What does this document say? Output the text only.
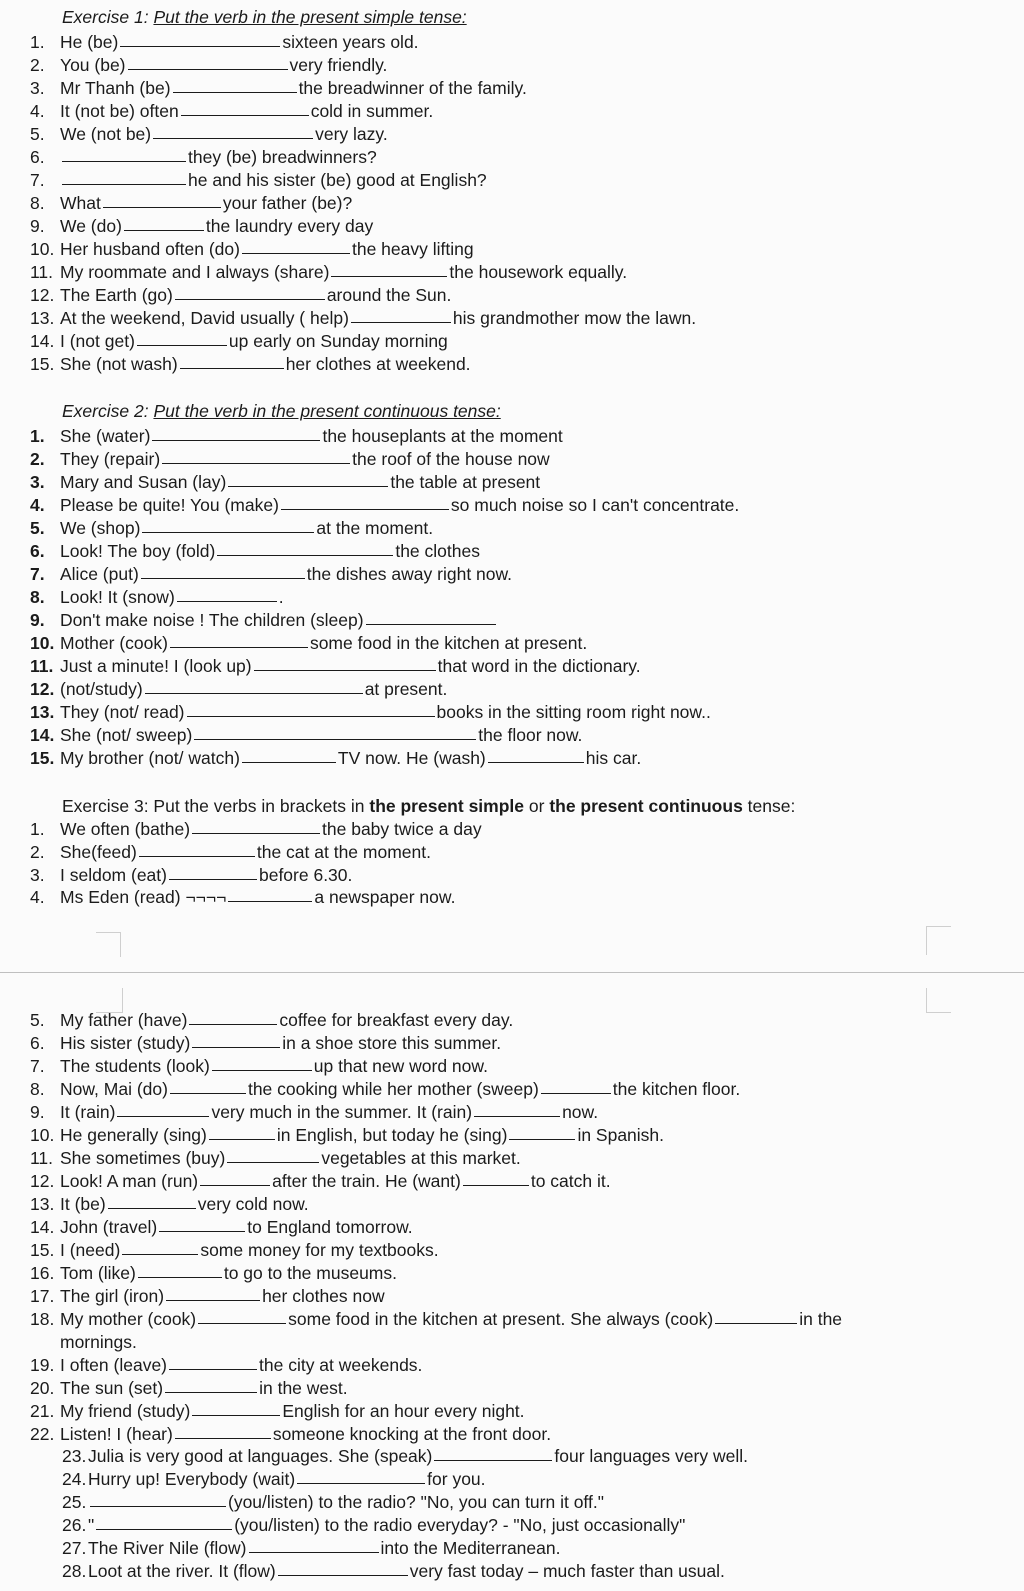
Exercise 1: Put the verb in the present simple tense:
1. He (be)	sixteen years old.
2. You (be)	very friendly.
3. Mr Thanh (be)	the breadwinner of the family.
4. It (not be) often	cold in summer.
5. We (not be)	very lazy.
6.	they (be) breadwinners?
7.	he and his sister (be) good at English?
8. What	your father (be)?
9. We (do)	the laundry every day
10. Her husband often (do)	the heavy lifting
11. My roommate and I always (share)	the housework equally.
12. The Earth (go)	around the Sun.
13. At the weekend, David usually ( help)	his grandmother mow the lawn.
14. I (not get)	up early on Sunday morning
15. She (not wash)	her clothes at weekend.
Exercise 2: Put the verb in the present continuous tense:
1. She (water)	the houseplants at the moment
2. They (repair)	the roof of the house now
3. Mary and Susan (lay)	the table at present
4. Please be quite! You (make)	so much noise so I can't concentrate.
5. We (shop)	at the moment.
6. Look! The boy (fold)	the clothes
7. Alice (put)	the dishes away right now.
8. Look! It (snow)	.
9. Don't make noise ! The children (sleep)
10. Mother (cook)	some food in the kitchen at present.
11. Just a minute! I (look up)	that word in the dictionary.
12. (not/study)	at present.
13. They (not/ read)	books in the sitting room right now..
14. She (not/ sweep)	the floor now.
15. My brother (not/ watch)	TV now. He (wash)	his car.
Exercise 3: Put the verbs in brackets in the present simple or the present continuous tense:
1. We often (bathe)	the baby twice a day
2. She(feed)	the cat at the moment.
3. I seldom (eat)	before 6.30.
4. Ms Eden (read) ¬¬¬¬	a newspaper now.
5. My father (have)	coffee for breakfast every day.
6. His sister (study)	in a shoe store this summer.
7. The students (look)	up that new word now.
8. Now, Mai (do)	the cooking while her mother (sweep)	the kitchen floor.
9. It (rain)	very much in the summer. It (rain)	now.
10. He generally (sing)	in English, but today he (sing)	in Spanish.
11. She sometimes (buy)	vegetables at this market.
12. Look! A man (run)	after the train. He (want)	to catch it.
13. It (be)	very cold now.
14. John (travel)	to England tomorrow.
15. I (need)	some money for my textbooks.
16. Tom (like)	to go to the museums.
17. The girl (iron)	her clothes now
18. My mother (cook)	some food in the kitchen at present. She always (cook)	in the
mornings.
19. I often (leave)	the city at weekends.
20. The sun (set)	in the west.
21. My friend (study)	English for an hour every night.
22. Listen! I (hear)	someone knocking at the front door.
23.Julia is very good at languages. She (speak)	four languages very well.
24.Hurry up! Everybody (wait)	for you.
25.	(you/listen) to the radio? "No, you can turn it off."
26."	(you/listen) to the radio everyday? - "No, just occasionally"
27.The River Nile (flow)	into the Mediterranean.
28.Loot at the river. It (flow)	very fast today – much faster than usual.
